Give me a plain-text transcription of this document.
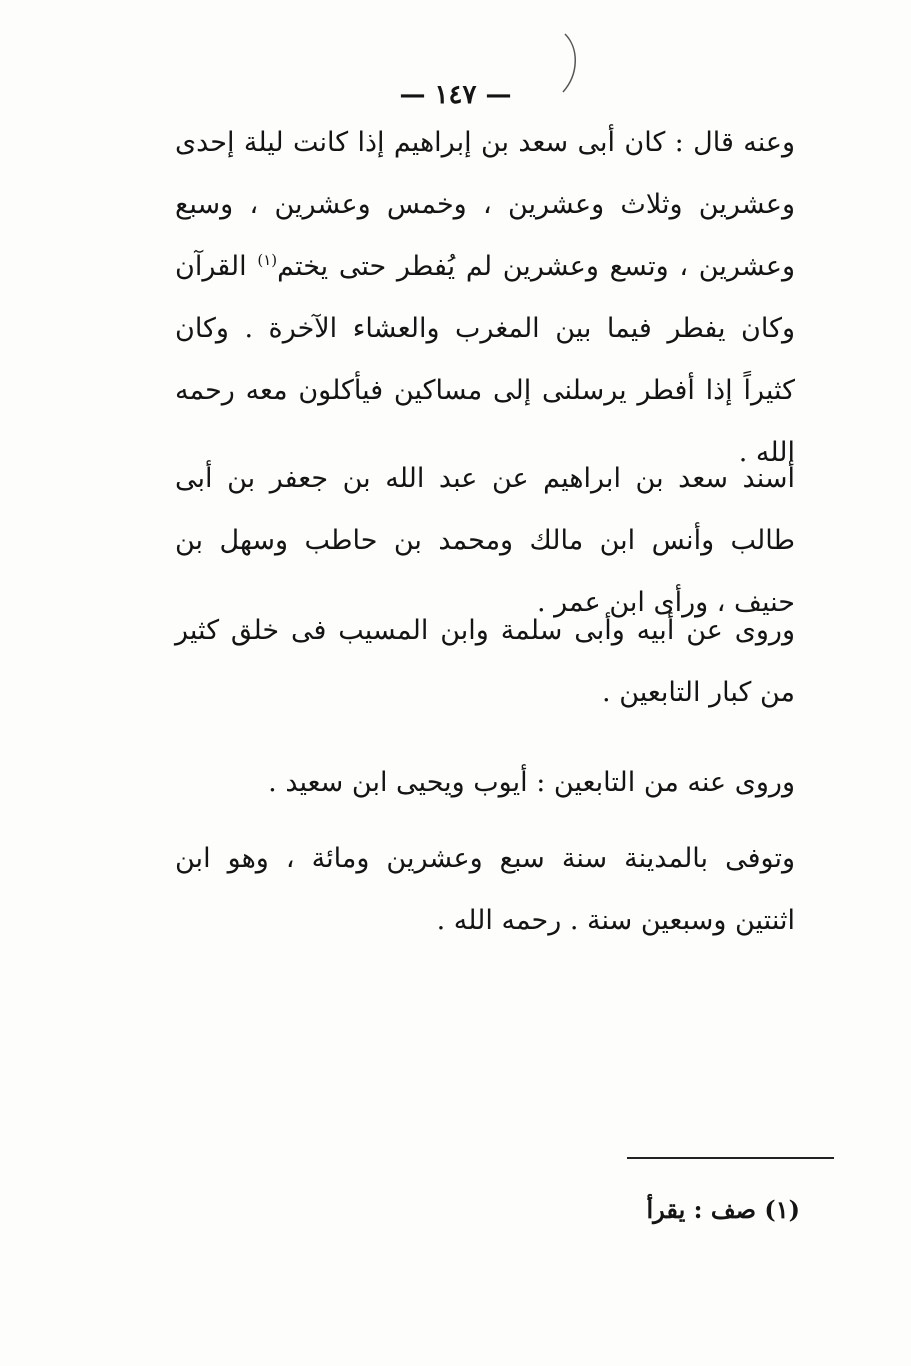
— ١٤٧ —

وعنه قال : كان أبى سعد بن إبراهيم إذا كانت ليلة إحدى وعشرين وثلاث وعشرين ، وخمس وعشرين ، وسبع وعشرين ، وتسع وعشرين لم يُفطر حتى يختم$^{(١)}$ القرآن وكان يفطر فيما بين المغرب والعشاء الآخرة . وكان كثيراً إذا أفطر يرسلنى إلى مساكين فيأكلون معه رحمه الله .

أسند سعد بن ابراهيم عن عبد الله بن جعفر بن أبى طالب وأنس ابن مالك ومحمد بن حاطب وسهل بن حنيف ، ورأى ابن عمر .

وروى عن أبيه وأبى سلمة وابن المسيب فى خلق كثير من كبار التابعين .

وروى عنه من التابعين : أيوب ويحيى ابن سعيد .

وتوفى بالمدينة سنة سبع وعشرين ومائة ، وهو ابن اثنتين وسبعين سنة . رحمه الله .

(١) صف : يقرأ
